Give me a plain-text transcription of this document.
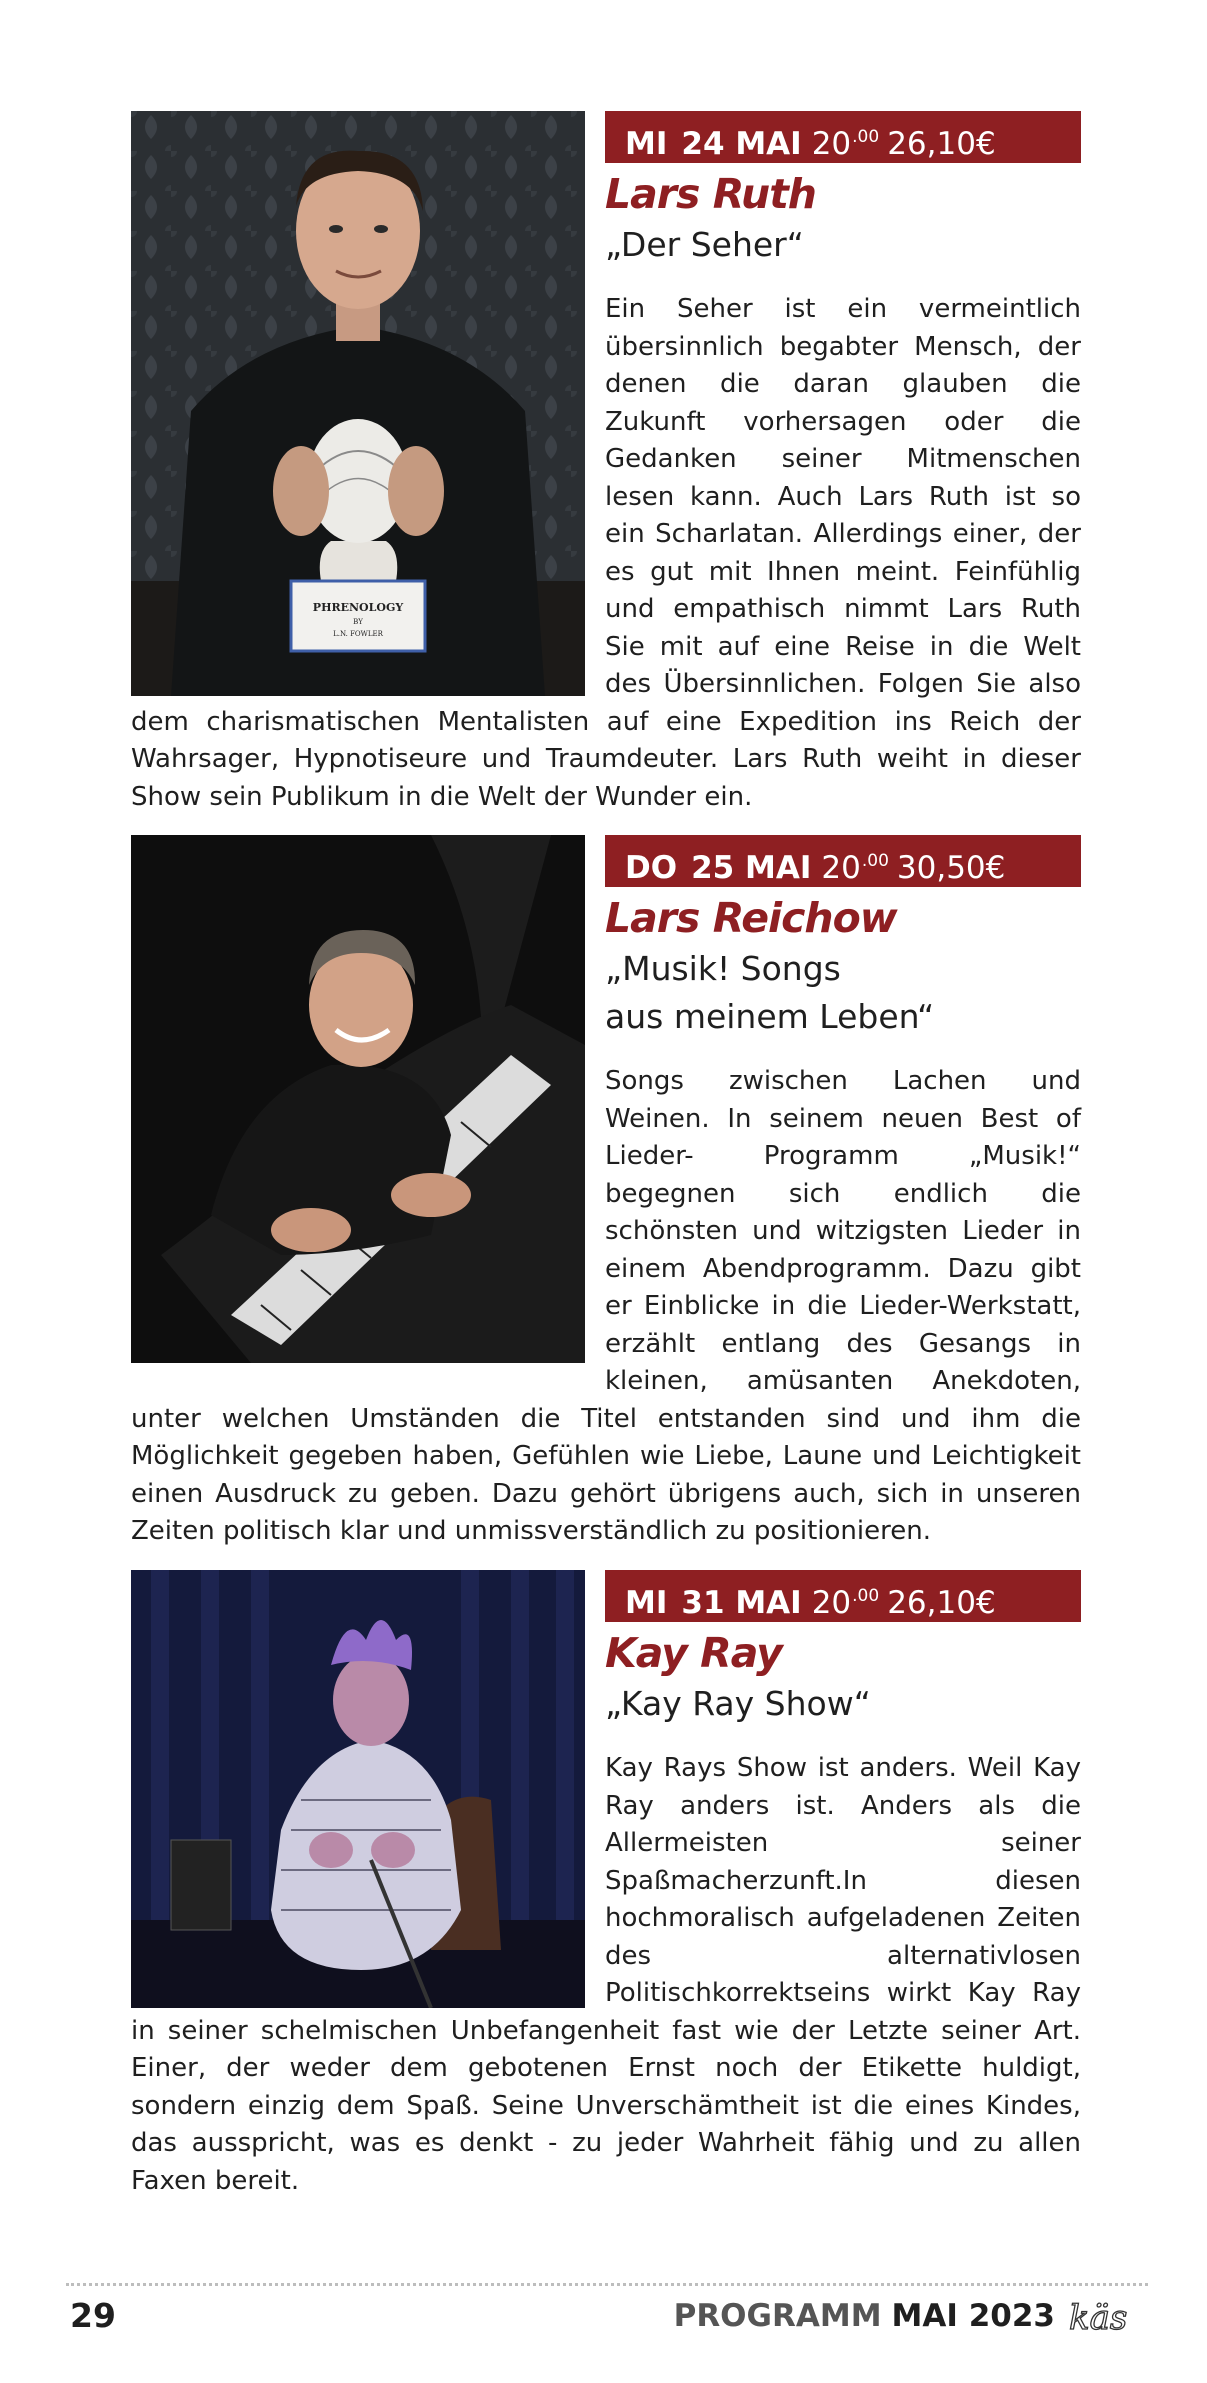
PHRENOLOGY
BY
L.N. FOWLER
MI 24 MAI $20^{.00}$ 26,10€
Lars Ruth
„Der Seher“

Ein Seher ist ein vermeintlich übersinnlich begabter Mensch, der denen die daran glauben die Zukunft vorhersagen oder die Gedanken seiner Mitmenschen lesen kann. Auch Lars Ruth ist so ein Scharlatan. Allerdings einer, der es gut mit Ihnen meint. Feinfühlig und empathisch nimmt Lars Ruth Sie mit auf eine Reise in die Welt des Übersinnlichen. Folgen Sie also dem charismatischen Mentalisten auf eine Expedition ins Reich der Wahrsager, Hypnotiseure und Traumdeuter. Lars Ruth weiht in dieser Show sein Publikum in die Welt der Wunder ein.

DO 25 MAI $20^{.00}$ 30,50€
Lars Reichow
„Musik! Songs
aus meinem Leben“

Songs zwischen Lachen und Weinen. In seinem neuen Best of Lieder- Programm „Musik!“ begegnen sich endlich die schönsten und witzigsten Lieder in einem Abendprogramm. Dazu gibt er Einblicke in die Lieder-Werkstatt, erzählt entlang des Gesangs in kleinen, amüsanten Anekdoten, unter welchen Umständen die Titel entstanden sind und ihm die Möglichkeit gegeben haben, Gefühlen wie Liebe, Laune und Leichtigkeit einen Ausdruck zu geben. Dazu gehört übrigens auch, sich in unseren Zeiten politisch klar und unmissverständlich zu positionieren.

MI 31 MAI $20^{.00}$ 26,10€
Kay Ray
„Kay Ray Show“

Kay Rays Show ist anders. Weil Kay Ray anders ist. Anders als die Allermeisten seiner Spaßmacherzunft.In diesen hochmoralisch aufgeladenen Zeiten des alternativlosen Politischkorrektseins wirkt Kay Ray in seiner schelmischen Unbefangenheit fast wie der Letzte seiner Art. Einer, der weder dem gebotenen Ernst noch der Etikette huldigt, sondern einzig dem Spaß. Seine Unverschämtheit ist die eines Kindes, das ausspricht, was es denkt - zu jeder Wahrheit fähig und zu allen Faxen bereit.

29	PROGRAMM MAI 2023 käs
